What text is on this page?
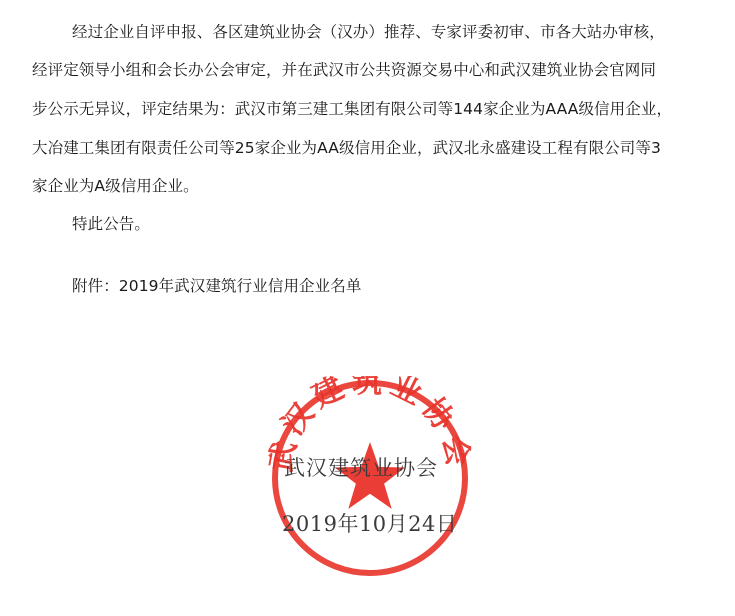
经过企业自评申报、各区建筑业协会（汉办）推荐、专家评委初审、市各大站办审核，
经评定领导小组和会长办公会审定，并在武汉市公共资源交易中心和武汉建筑业协会官网同
步公示无异议，评定结果为：武汉市第三建工集团有限公司等144家企业为AAA级信用企业，
大冶建工集团有限责任公司等25家企业为AA级信用企业，武汉北永盛建设工程有限公司等3
家企业为A级信用企业。
特此公告。
附件：2019年武汉建筑行业信用企业名单
汉建筑业协
武汉建筑业协会
2019年10月24日
